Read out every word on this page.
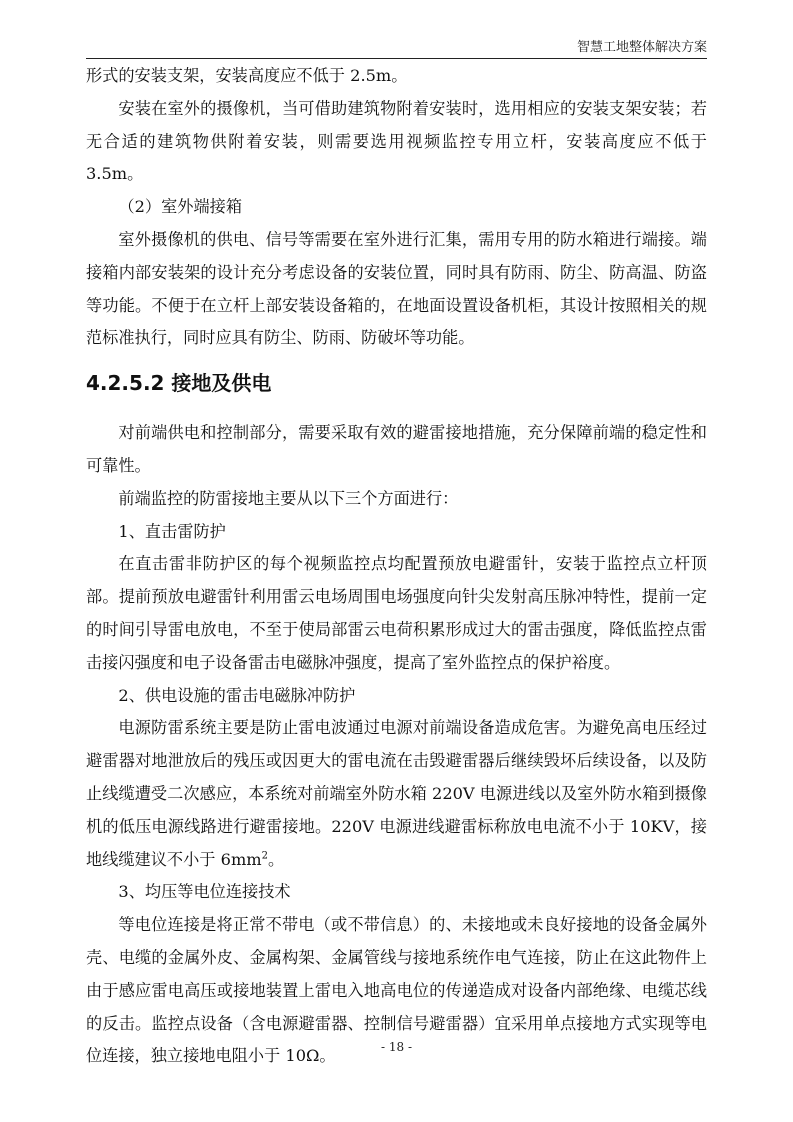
智慧工地整体解决方案

形式的安装支架，安装高度应不低于 2.5m。

安装在室外的摄像机，当可借助建筑物附着安装时，选用相应的安装支架安装；若无合适的建筑物供附着安装，则需要选用视频监控专用立杆，安装高度应不低于 3.5m。

（2）室外端接箱

室外摄像机的供电、信号等需要在室外进行汇集，需用专用的防水箱进行端接。端接箱内部安装架的设计充分考虑设备的安装位置，同时具有防雨、防尘、防高温、防盗等功能。不便于在立杆上部安装设备箱的，在地面设置设备机柜，其设计按照相关的规范标准执行，同时应具有防尘、防雨、防破坏等功能。

4.2.5.2 接地及供电

对前端供电和控制部分，需要采取有效的避雷接地措施，充分保障前端的稳定性和可靠性。

前端监控的防雷接地主要从以下三个方面进行：

1、直击雷防护

在直击雷非防护区的每个视频监控点均配置预放电避雷针，安装于监控点立杆顶部。提前预放电避雷针利用雷云电场周围电场强度向针尖发射高压脉冲特性，提前一定的时间引导雷电放电，不至于使局部雷云电荷积累形成过大的雷击强度，降低监控点雷击接闪强度和电子设备雷击电磁脉冲强度，提高了室外监控点的保护裕度。

2、供电设施的雷击电磁脉冲防护

电源防雷系统主要是防止雷电波通过电源对前端设备造成危害。为避免高电压经过避雷器对地泄放后的残压或因更大的雷电流在击毁避雷器后继续毁坏后续设备，以及防止线缆遭受二次感应，本系统对前端室外防水箱 220V 电源进线以及室外防水箱到摄像机的低压电源线路进行避雷接地。220V 电源进线避雷标称放电电流不小于 10KV，接地线缆建议不小于 $6mm^2$。

3、均压等电位连接技术

等电位连接是将正常不带电（或不带信息）的、未接地或未良好接地的设备金属外壳、电缆的金属外皮、金属构架、金属管线与接地系统作电气连接，防止在这此物件上由于感应雷电高压或接地装置上雷电入地高电位的传递造成对设备内部绝缘、电缆芯线的反击。监控点设备（含电源避雷器、控制信号避雷器）宜采用单点接地方式实现等电位连接，独立接地电阻小于 10Ω。	- 18 -
